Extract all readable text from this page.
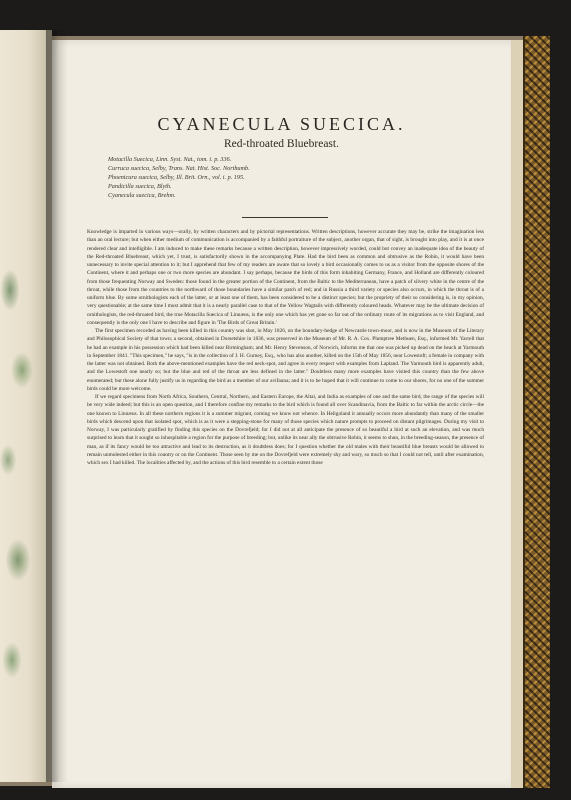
CYANECULA SUECICA.
Red-throated Bluebreast.
Motacilla Suecica, Linn. Syst. Nat., tom. i. p. 336.
Curruca suecica, Selby, Trans. Nat. Hist. Soc. Northumb.
Phoenicura suecica, Selby, Ill. Brit. Orn., vol. i. p. 195.
Pandicilla suecica, Blyth.
Cyanecula suecica, Brehm.

Knowledge is imparted in various ways—orally, by written characters and by pictorial representations. Written descriptions, however accurate they may be, strike the imagination less than an oral lecture; but when either medium of communication is accompanied by a faithful portraiture of the subject, another organ, that of sight, is brought into play, and it is at once rendered clear and intelligible. I am induced to make these remarks because a written description, however impressively worded, could but convey an inadequate idea of the beauty of the Red-throated Bluebreast, which yet, I trust, is satisfactorily shown in the accompanying Plate. Had the bird been as common and obtrusive as the Robin, it would have been unnecessary to invite special attention to it; but I apprehend that few of my readers are aware that so lovely a bird occasionally comes to us as a visitor from the opposite shores of the Continent, where it and perhaps one or two more species are abundant. I say perhaps, because the birds of this form inhabiting Germany, France, and Holland are differently coloured from those frequenting Norway and Sweden: those found in the greater portion of the Continent, from the Baltic to the Mediterranean, have a patch of silvery white in the centre of the throat, while those from the countries to the northward of those boundaries have a similar patch of red; and in Russia a third variety or species also occurs, in which the throat is of a uniform blue. By some ornithologists each of the latter, or at least one of them, has been considered to be a distinct species; but the propriety of their so considering is, in my opinion, very questionable; at the same time I must admit that it is a nearly parallel case to that of the Yellow Wagtails with differently coloured heads. Whatever may be the ultimate decision of ornithologists, the red-throated bird, the true Motacilla Suecica of Linnæus, is the only one which has yet gone so far out of the ordinary route of its migrations as to visit England, and consequently is the only one I have to describe and figure in 'The Birds of Great Britain.'

The first specimen recorded as having been killed in this country was shot, in May 1826, on the boundary-hedge of Newcastle town-moor, and is now in the Museum of the Literary and Philosophical Society of that town; a second, obtained in Dorsetshire in 1836, was preserved in the Museum of Mr. R. A. Cox. Plumptree Methuen, Esq., informed Mr. Yarrell that he had an example in his possession which had been killed near Birmingham; and Mr. Henry Stevenson, of Norwich, informs me that one was picked up dead on the beach at Yarmouth in September 1841. "This specimen," he says, "is in the collection of J. H. Gurney, Esq., who has also another, killed on the 15th of May 1856, near Lowestoft; a female in company with the latter was not obtained. Both the above-mentioned examples have the red neck-spot, and agree in every respect with examples from Lapland. The Yarmouth bird is apparently adult, and the Lowestoft one nearly so; but the blue and red of the throat are less defined in the latter." Doubtless many more examples have visited this country than the few above enumerated; but these alone fully justify us in regarding the bird as a member of our avifauna; and it is to be hoped that it will continue to come to our shores, for no one of the summer birds could be more welcome.

If we regard specimens from North Africa, Southern, Central, Northern, and Eastern Europe, the Altai, and India as examples of one and the same bird, the range of the species will be very wide indeed; but this is an open question, and I therefore confine my remarks to the bird which is found all over Scandinavia, from the Baltic to far within the arctic circle—the one known to Linnæus. In all these northern regions it is a summer migrant, coming we know not whence. In Heligoland it annually occurs more abundantly than many of the smaller birds which descend upon that isolated spot, which is as it were a stepping-stone for many of those species which nature prompts to proceed on distant pilgrimages. During my visit to Norway, I was particularly gratified by finding this species on the Dovrefjeld; for I did not at all anticipate the presence of so beautiful a bird at such an elevation, and was much surprised to learn that it sought so inhospitable a region for the purpose of breeding; but, unlike its near ally the obtrusive Robin, it seems to shun, in the breeding-season, the presence of man, as if its fancy would be too attractive and lead to its destruction, as it doubtless does; for I question whether the old males with their beautiful blue breasts would be allowed to remain unmolested either in this country or on the Continent. Those seen by me on the Dovrefjeld were extremely shy and wary, so much so that I could not tell, until after examination, which sex I had killed. The localities affected by, and the actions of this bird resemble to a certain extent those
